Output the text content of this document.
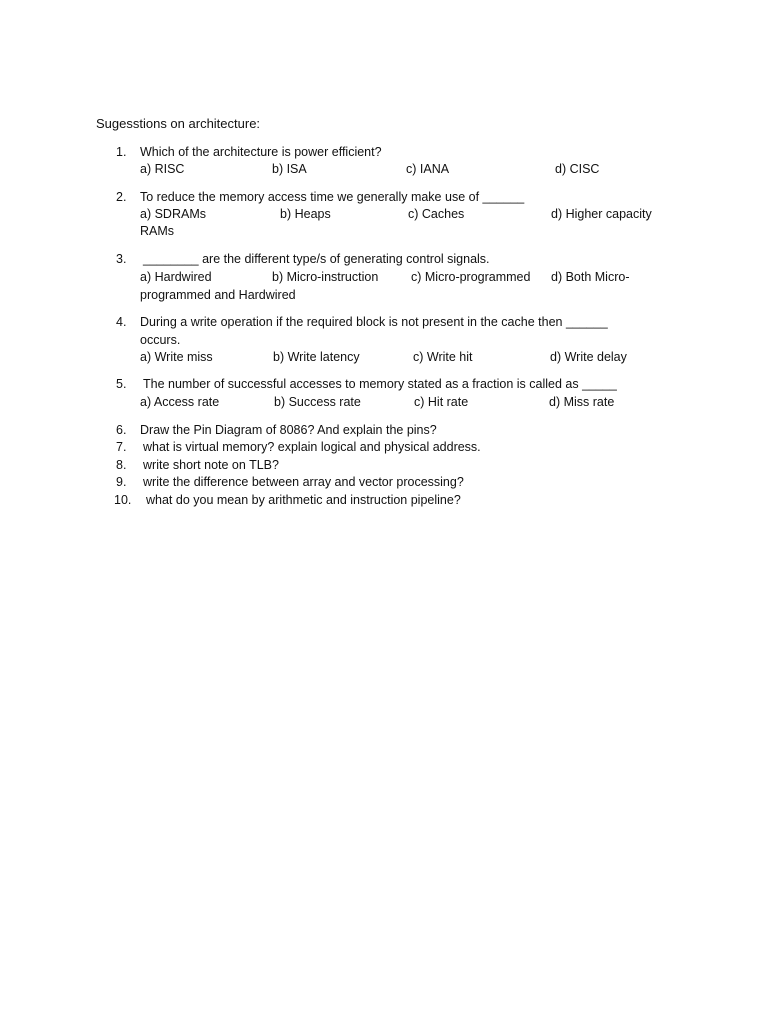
Sugesstions on architecture:
1. Which of the architecture is power efficient?
a) RISC	b) ISA	c) IANA	d) CISC
2. To reduce the memory access time we generally make use of ______
a) SDRAMs	b) Heaps	c) Caches	d) Higher capacity
RAMs
3. ________ are the different type/s of generating control signals.
a) Hardwired	b) Micro-instruction	c) Micro-programmed d) Both Micro-
programmed and Hardwired
4. During a write operation if the required block is not present in the cache then ______
occurs.
a) Write miss	b) Write latency	c) Write hit	d) Write delay
5. The number of successful accesses to memory stated as a fraction is called as _____
a) Access rate	b) Success rate	c) Hit rate	d) Miss rate
6. Draw the Pin Diagram of 8086? And explain the pins?
7. what is virtual memory? explain logical and physical address.
8. write short note on TLB?
9. write the difference between array and vector processing?
10. what do you mean by arithmetic and instruction pipeline?
